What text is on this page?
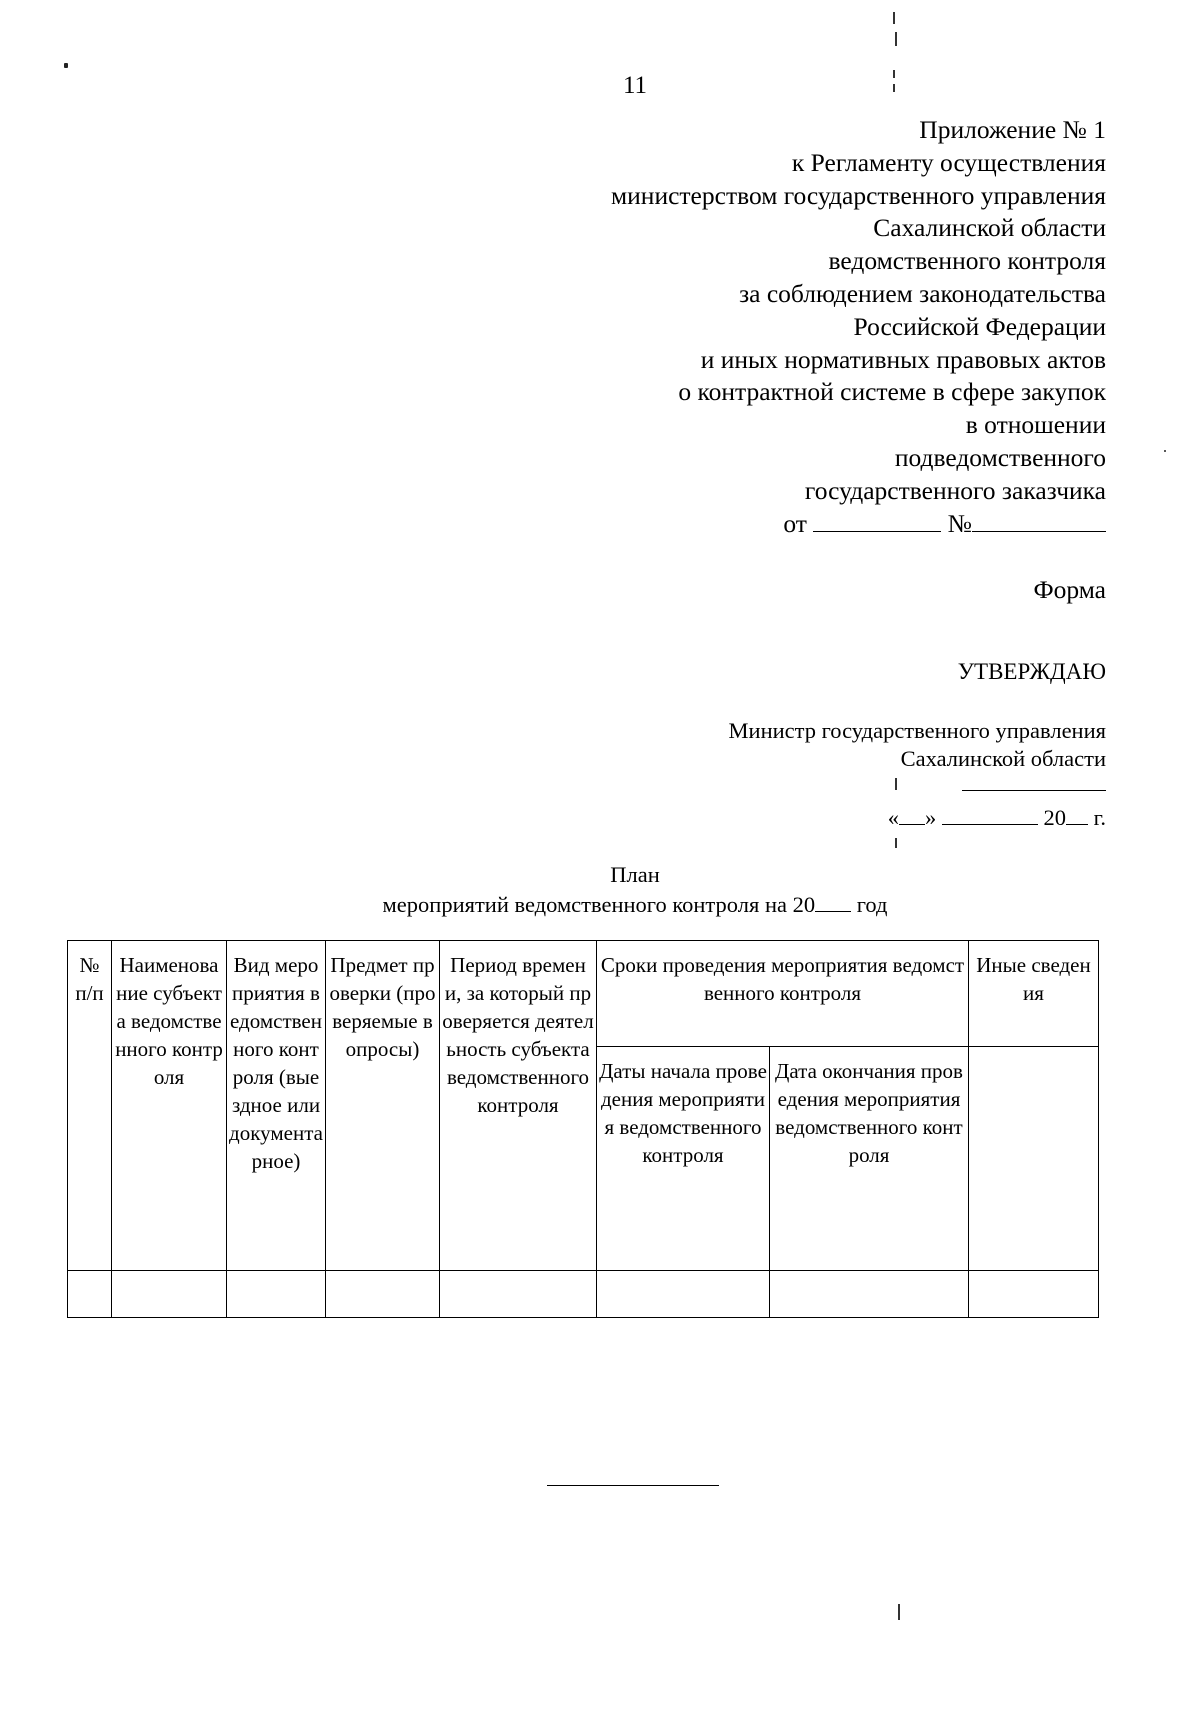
11
Приложение № 1
к Регламенту осуществления
министерством государственного управления
Сахалинской области
ведомственного контроля
за соблюдением законодательства
Российской Федерации
и иных нормативных правовых актов
о контрактной системе в сфере закупок
в отношении
подведомственного
государственного заказчика
от	№
Форма
УТВЕРЖДАЮ
Министр государственного управления
Сахалинской области
« »	20 г.
План
мероприятий ведомственного контроля на 20 год
№ п/п	Наименование субъекта ведомственного контроля	Вид мероприятия ведомственного контроля (выездное или документарное)	Предмет проверки (проверяемые вопросы)	Период времени, за который проверяется деятельность субъекта ведомственного контроля	Сроки проведения мероприятия ведомственного контроля		Иные сведения
					Даты начала проведения мероприятия ведомственного контроля	Дата окончания проведения мероприятия ведомственного контроля	
